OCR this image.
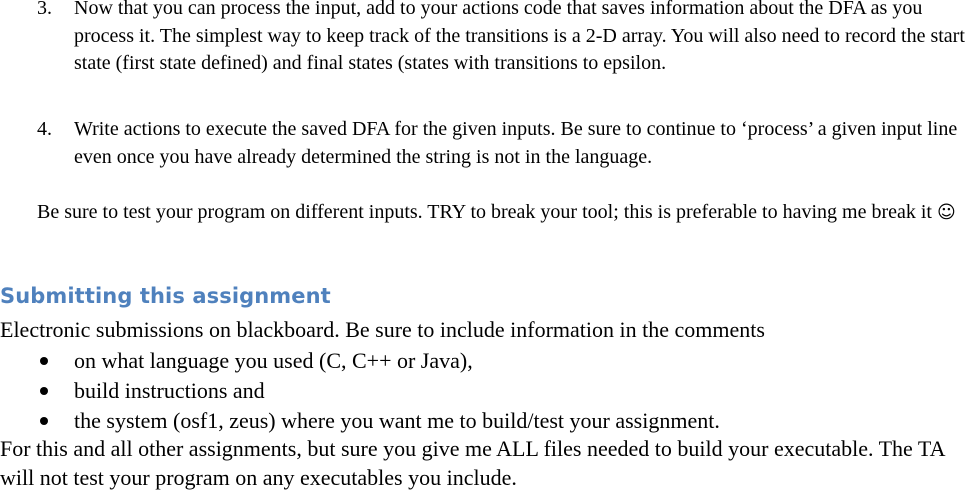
3. Now that you can process the input, add to your actions code that saves information about the DFA as you process it. The simplest way to keep track of the transitions is a 2-D array. You will also need to record the start state (first state defined) and final states (states with transitions to epsilon.
4. Write actions to execute the saved DFA for the given inputs. Be sure to continue to ‘process’ a given input line even once you have already determined the string is not in the language.
Be sure to test your program on different inputs. TRY to break your tool; this is preferable to having me break it ☺
Submitting this assignment
Electronic submissions on blackboard. Be sure to include information in the comments
on what language you used (C, C++ or Java),
build instructions and
the system (osf1, zeus) where you want me to build/test your assignment.
For this and all other assignments, but sure you give me ALL files needed to build your executable. The TA will not test your program on any executables you include.
